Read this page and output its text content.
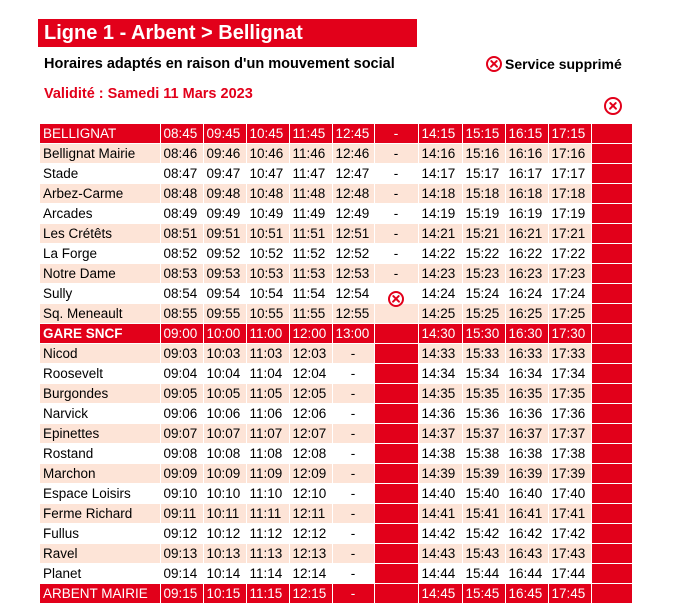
Ligne 1 - Arbent > Bellignat
Horaires adaptés en raison d'un mouvement social	Service supprimé
Validité : Samedi 11 Mars 2023
BELLIGNAT	08:45	09:45	10:45	11:45	12:45	-	14:15	15:15	16:15	17:15	
Bellignat Mairie	08:46	09:46	10:46	11:46	12:46	-	14:16	15:16	16:16	17:16	
Stade	08:47	09:47	10:47	11:47	12:47	-	14:17	15:17	16:17	17:17	
Arbez-Carme	08:48	09:48	10:48	11:48	12:48	-	14:18	15:18	16:18	17:18	
Arcades	08:49	09:49	10:49	11:49	12:49	-	14:19	15:19	16:19	17:19	
Les Crétêts	08:51	09:51	10:51	11:51	12:51	-	14:21	15:21	16:21	17:21	
La Forge	08:52	09:52	10:52	11:52	12:52	-	14:22	15:22	16:22	17:22	
Notre Dame	08:53	09:53	10:53	11:53	12:53	-	14:23	15:23	16:23	17:23	
Sully	08:54	09:54	10:54	11:54	12:54		14:24	15:24	16:24	17:24	
Sq. Meneault	08:55	09:55	10:55	11:55	12:55		14:25	15:25	16:25	17:25	
GARE SNCF	09:00	10:00	11:00	12:00	13:00		14:30	15:30	16:30	17:30	
Nicod	09:03	10:03	11:03	12:03	-		14:33	15:33	16:33	17:33	
Roosevelt	09:04	10:04	11:04	12:04	-		14:34	15:34	16:34	17:34	
Burgondes	09:05	10:05	11:05	12:05	-		14:35	15:35	16:35	17:35	
Narvick	09:06	10:06	11:06	12:06	-		14:36	15:36	16:36	17:36	
Epinettes	09:07	10:07	11:07	12:07	-		14:37	15:37	16:37	17:37	
Rostand	09:08	10:08	11:08	12:08	-		14:38	15:38	16:38	17:38	
Marchon	09:09	10:09	11:09	12:09	-		14:39	15:39	16:39	17:39	
Espace Loisirs	09:10	10:10	11:10	12:10	-		14:40	15:40	16:40	17:40	
Ferme Richard	09:11	10:11	11:11	12:11	-		14:41	15:41	16:41	17:41	
Fullus	09:12	10:12	11:12	12:12	-		14:42	15:42	16:42	17:42	
Ravel	09:13	10:13	11:13	12:13	-		14:43	15:43	16:43	17:43	
Planet	09:14	10:14	11:14	12:14	-		14:44	15:44	16:44	17:44	
ARBENT MAIRIE	09:15	10:15	11:15	12:15	-		14:45	15:45	16:45	17:45	
